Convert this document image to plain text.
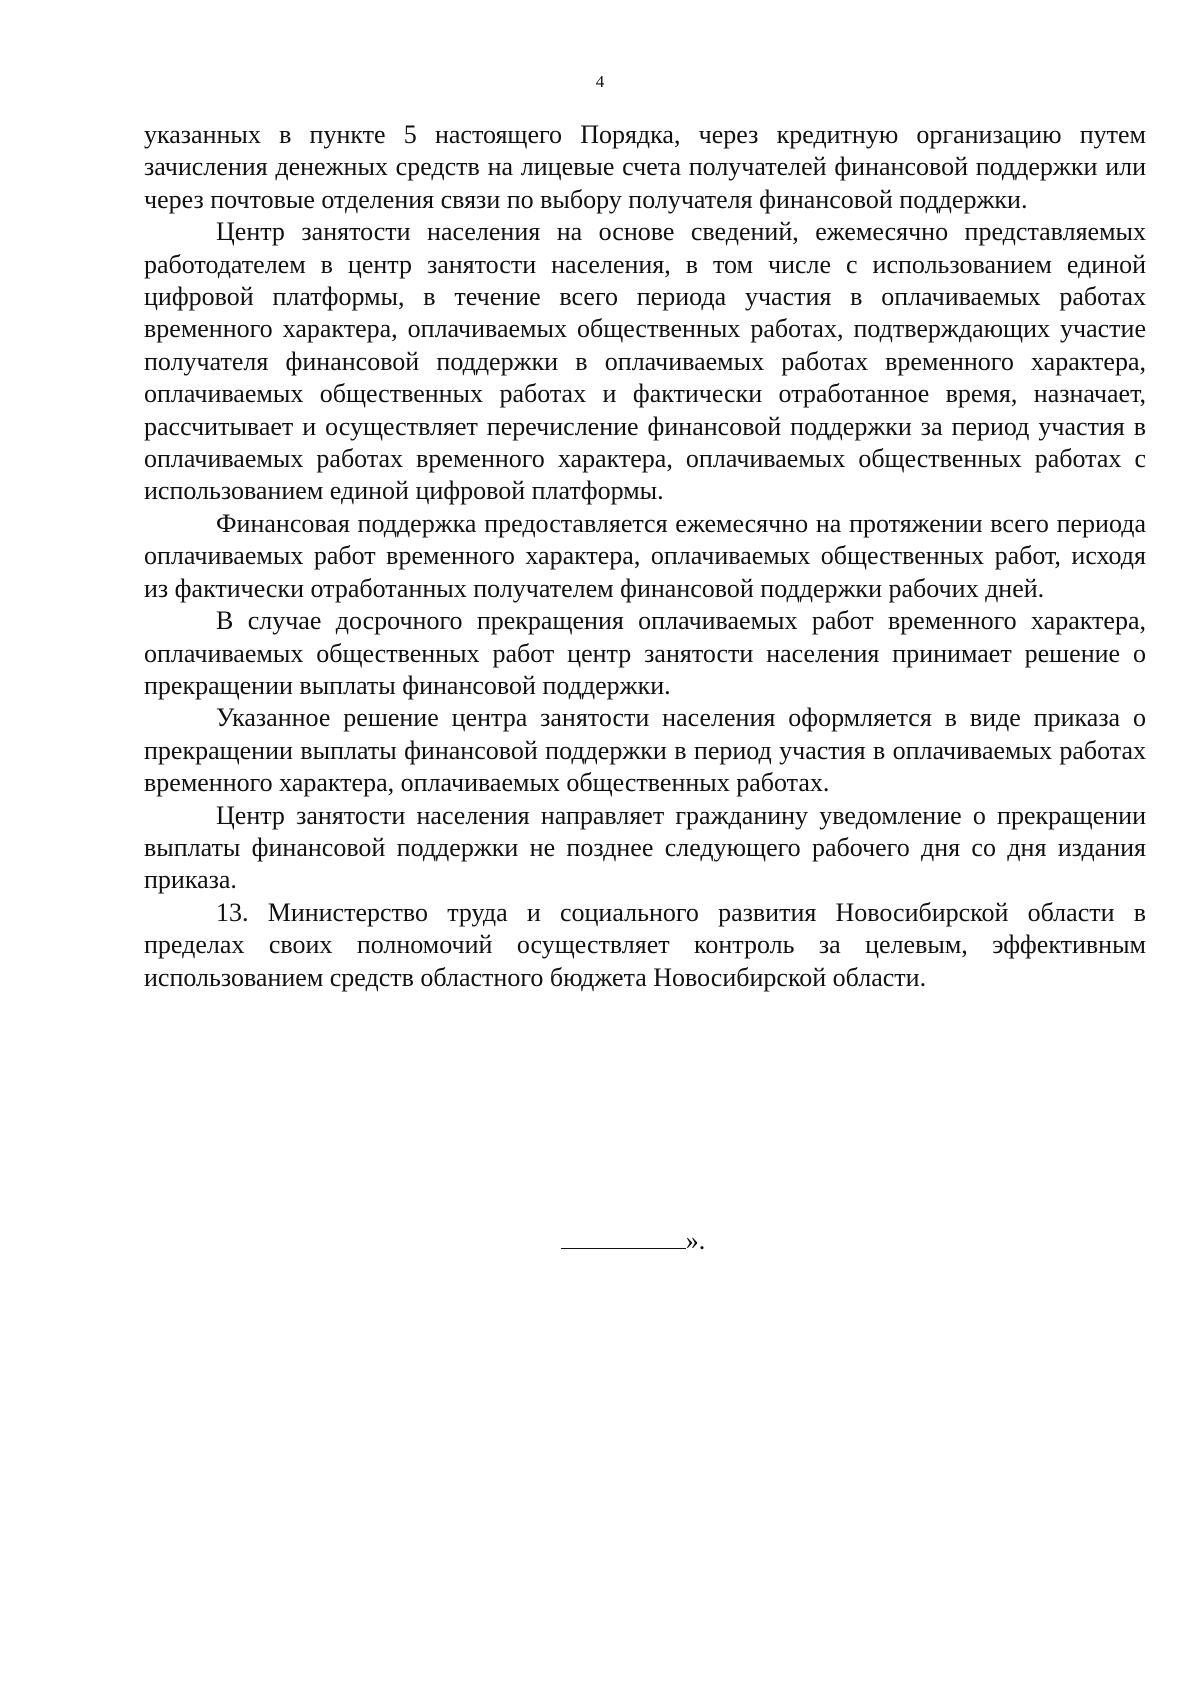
4

указанных в пункте 5 настоящего Порядка, через кредитную организацию путем зачисления денежных средств на лицевые счета получателей финансовой поддержки или через почтовые отделения связи по выбору получателя финансовой поддержки.

Центр занятости населения на основе сведений, ежемесячно представляемых работодателем в центр занятости населения, в том числе с использованием единой цифровой платформы, в течение всего периода участия в оплачиваемых работах временного характера, оплачиваемых общественных работах, подтверждающих участие получателя финансовой поддержки в оплачиваемых работах временного характера, оплачиваемых общественных работах и фактически отработанное время, назначает, рассчитывает и осуществляет перечисление финансовой поддержки за период участия в оплачиваемых работах временного характера, оплачиваемых общественных работах с использованием единой цифровой платформы.

Финансовая поддержка предоставляется ежемесячно на протяжении всего периода оплачиваемых работ временного характера, оплачиваемых общественных работ, исходя из фактически отработанных получателем финансовой поддержки рабочих дней.

В случае досрочного прекращения оплачиваемых работ временного характера, оплачиваемых общественных работ центр занятости населения принимает решение о прекращении выплаты финансовой поддержки.

Указанное решение центра занятости населения оформляется в виде приказа о прекращении выплаты финансовой поддержки в период участия в оплачиваемых работах временного характера, оплачиваемых общественных работах.

Центр занятости населения направляет гражданину уведомление о прекращении выплаты финансовой поддержки не позднее следующего рабочего дня со дня издания приказа.

13. Министерство труда и социального развития Новосибирской области в пределах своих полномочий осуществляет контроль за целевым, эффективным использованием средств областного бюджета Новосибирской области.

».
